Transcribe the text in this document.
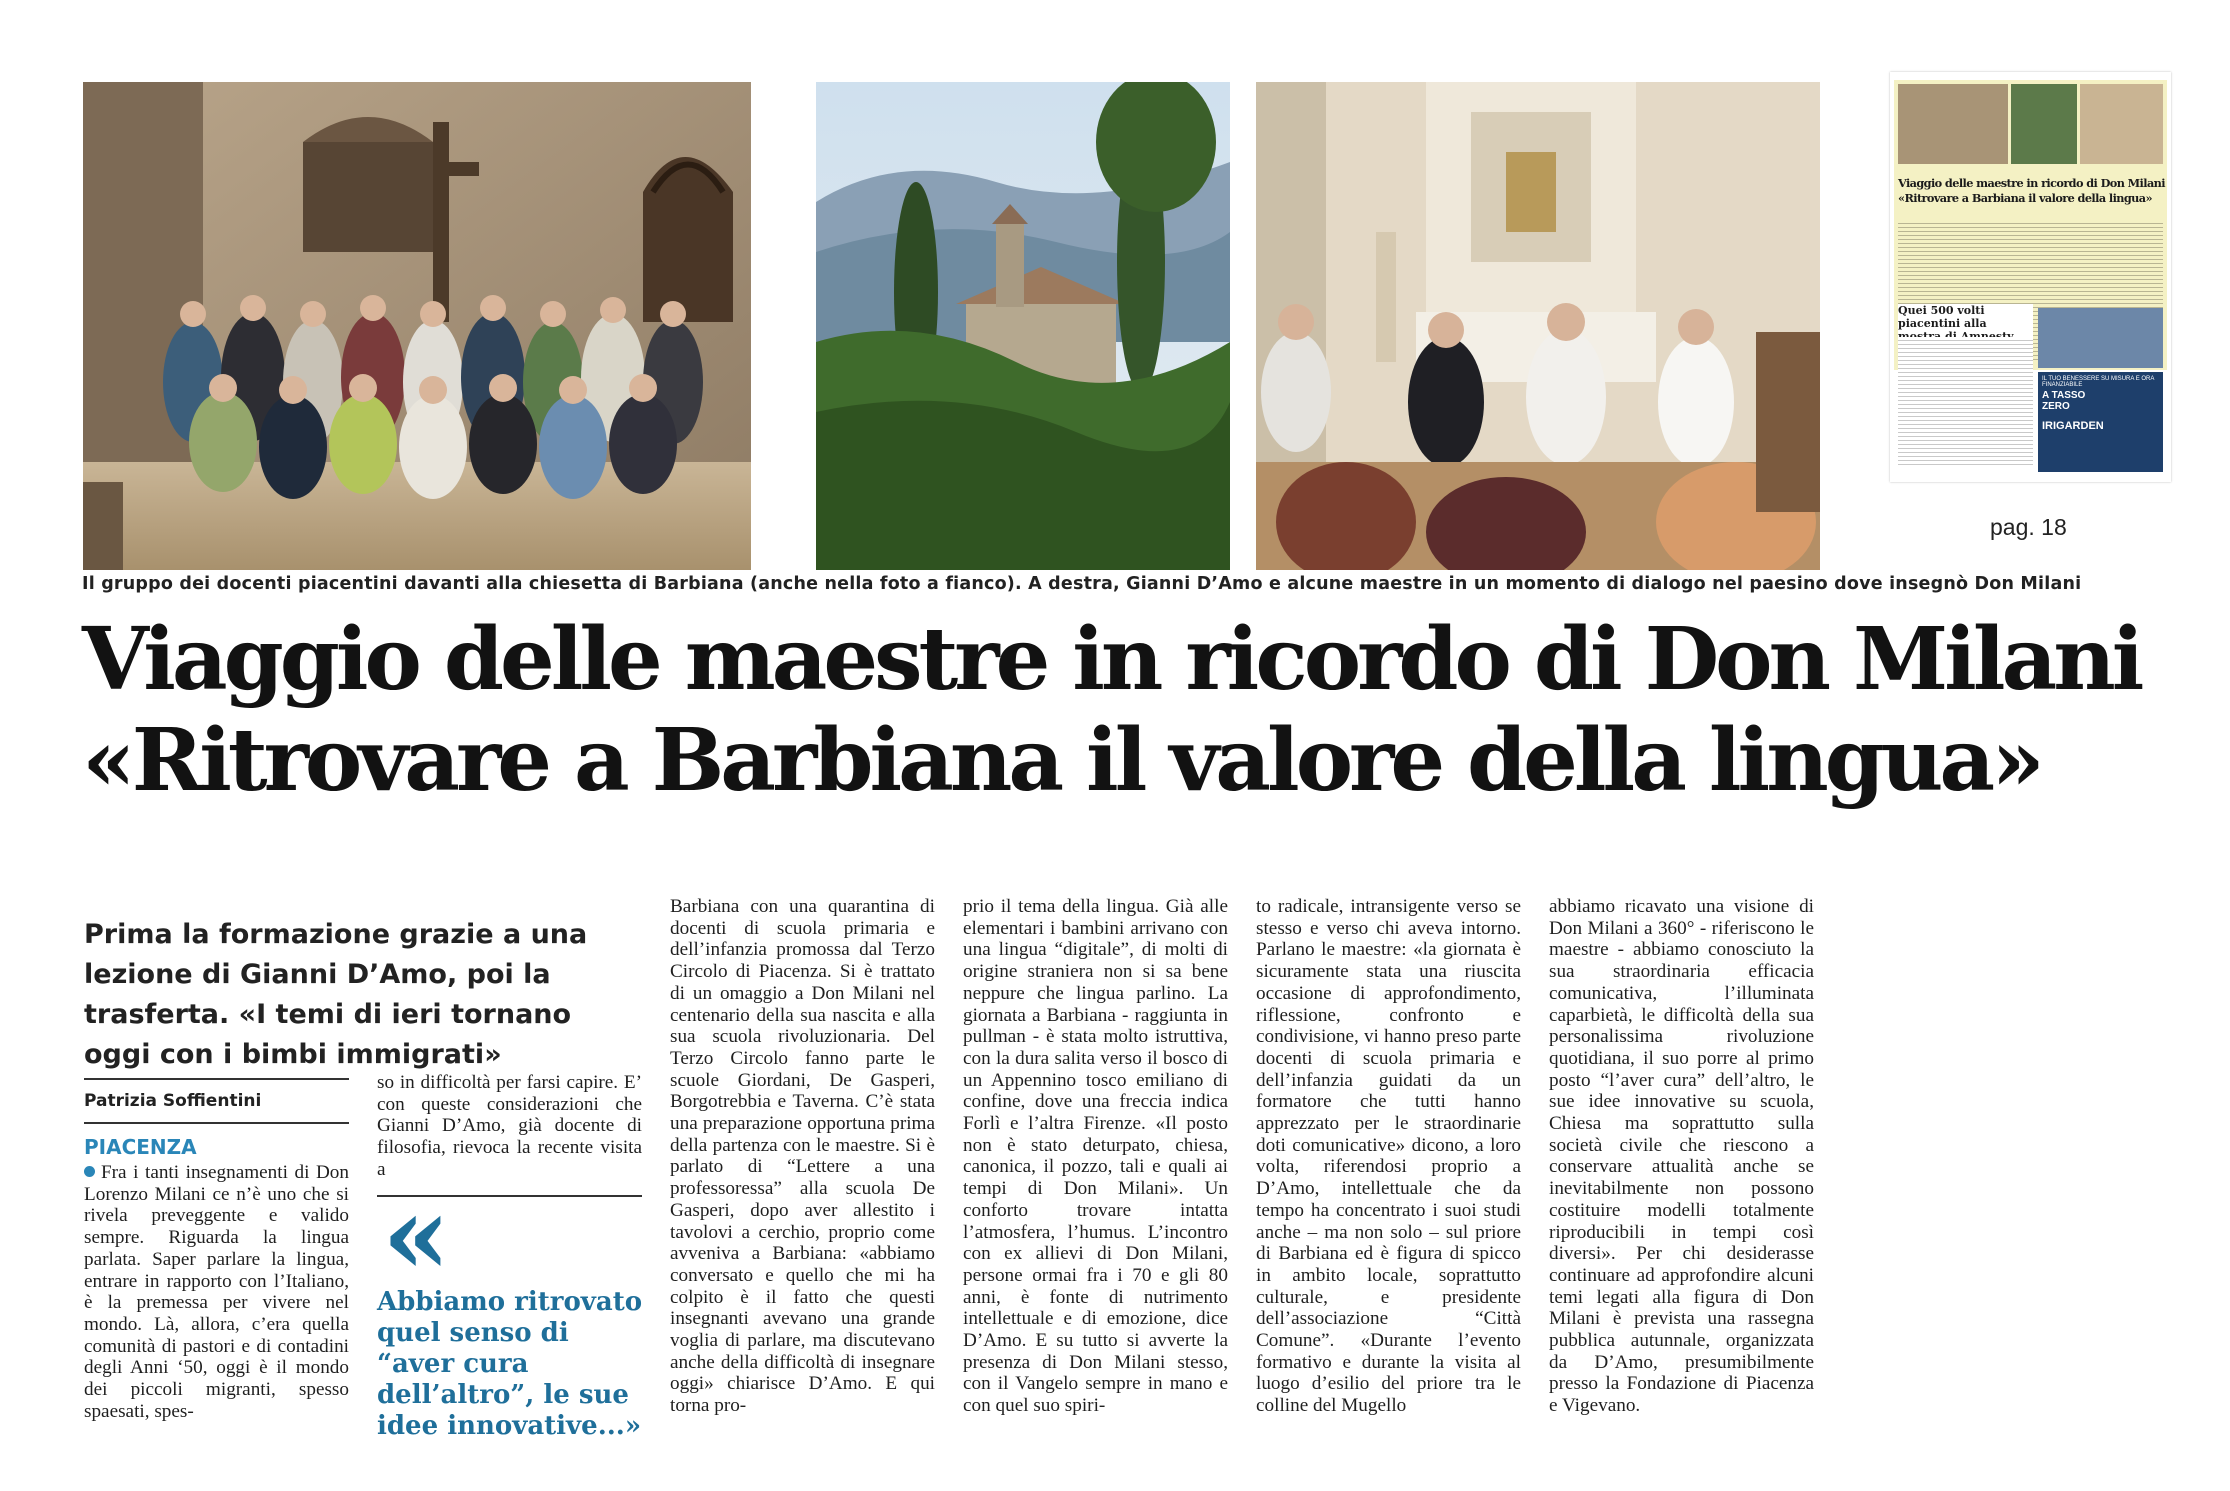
Il gruppo dei docenti piacentini davanti alla chiesetta di Barbiana (anche nella foto a fianco). A destra, Gianni D’Amo e alcune maestre in un momento di dialogo nel paesino dove insegnò Don Milani
Viaggio delle maestre in ricordo di Don Milani
«Ritrovare a Barbiana il valore della lingua»
Prima la formazione grazie a una lezione di Gianni D’Amo, poi la trasferta. «I temi di ieri tornano oggi con i bimbi immigrati»
Patrizia Soffientini
PIACENZA

Fra i tanti insegnamenti di Don Lorenzo Milani ce n’è uno che si rivela preveggente e valido sempre. Riguarda la lingua parlata. Saper parlare la lingua, entrare in rapporto con l’Italiano, è la premessa per vivere nel mondo. Là, allora, c’era quella comunità di pastori e di contadini degli Anni ‘50, oggi è il mondo dei piccoli migranti, spesso spaesati, spes-

so in difficoltà per farsi capire. E’ con queste considerazioni che Gianni D’Amo, già docente di filosofia, rievoca la recente visita a

«
Abbiamo ritrovato quel senso di “aver cura dell’altro”, le sue idee innovative...»

Barbiana con una quarantina di docenti di scuola primaria e dell’infanzia promossa dal Terzo Circolo di Piacenza. Si è trattato di un omaggio a Don Milani nel centenario della sua nascita e alla sua scuola rivoluzionaria. Del Terzo Circolo fanno parte le scuole Giordani, De Gasperi, Borgotrebbia e Taverna. C’è stata una preparazione opportuna prima della partenza con le maestre. Si è parlato di “Lettere a una professoressa” alla scuola De Gasperi, dopo aver allestito i tavolovi a cerchio, proprio come avveniva a Barbiana: «abbiamo conversato e quello che mi ha colpito è il fatto che questi insegnanti avevano una grande voglia di parlare, ma discutevano anche della difficoltà di insegnare oggi» chiarisce D’Amo. E qui torna pro-

prio il tema della lingua. Già alle elementari i bambini arrivano con una lingua “digitale”, di molti di origine straniera non si sa bene neppure che lingua parlino. La giornata a Barbiana - raggiunta in pullman - è stata molto istruttiva, con la dura salita verso il bosco di un Appennino tosco emiliano di confine, dove una freccia indica Forlì e l’altra Firenze. «Il posto non è stato deturpato, chiesa, canonica, il pozzo, tali e quali ai tempi di Don Milani». Un conforto trovare intatta l’atmosfera, l’humus. L’incontro con ex allievi di Don Milani, persone ormai fra i 70 e gli 80 anni, è fonte di nutrimento intellettuale e di emozione, dice D’Amo. E su tutto si avverte la presenza di Don Milani stesso, con il Vangelo sempre in mano e con quel suo spiri-

to radicale, intransigente verso se stesso e verso chi aveva intorno. Parlano le maestre: «la giornata è sicuramente stata una riuscita occasione di approfondimento, riflessione, confronto e condivisione, vi hanno preso parte docenti di scuola primaria e dell’infanzia guidati da un formatore che tutti hanno apprezzato per le straordinarie doti comunicative» dicono, a loro volta, riferendosi proprio a D’Amo, intellettuale che da tempo ha concentrato i suoi studi anche – ma non solo – sul priore di Barbiana ed è figura di spicco in ambito locale, soprattutto culturale, e presidente dell’associazione “Città Comune”. «Durante l’evento formativo e durante la visita al luogo d’esilio del priore tra le colline del Mugello

abbiamo ricavato una visione di Don Milani a 360° - riferiscono le maestre - abbiamo conosciuto la sua straordinaria efficacia comunicativa, l’illuminata caparbietà, le difficoltà della sua personalissima rivoluzione quotidiana, il suo porre al primo posto “l’aver cura” dell’altro, le sue idee innovative su scuola, Chiesa ma soprattutto sulla società civile che riescono a conservare attualità anche se inevitabilmente non possono costituire modelli totalmente riproducibili in tempi così diversi». Per chi desiderasse continuare ad approfondire alcuni temi legati alla figura di Don Milani è prevista una rassegna pubblica autunnale, organizzata da D’Amo, presumibilmente presso la Fondazione di Piacenza e Vigevano.

Viaggio delle maestre in ricordo di Don Milani
«Ritrovare a Barbiana il valore della lingua»
Quei 500 volti piacentini alla
IL TUO BENESSERE SU MISURA E ORA
FINANZIABILE
A TASSO
ZERO
IRIGARDEN
pag. 18
